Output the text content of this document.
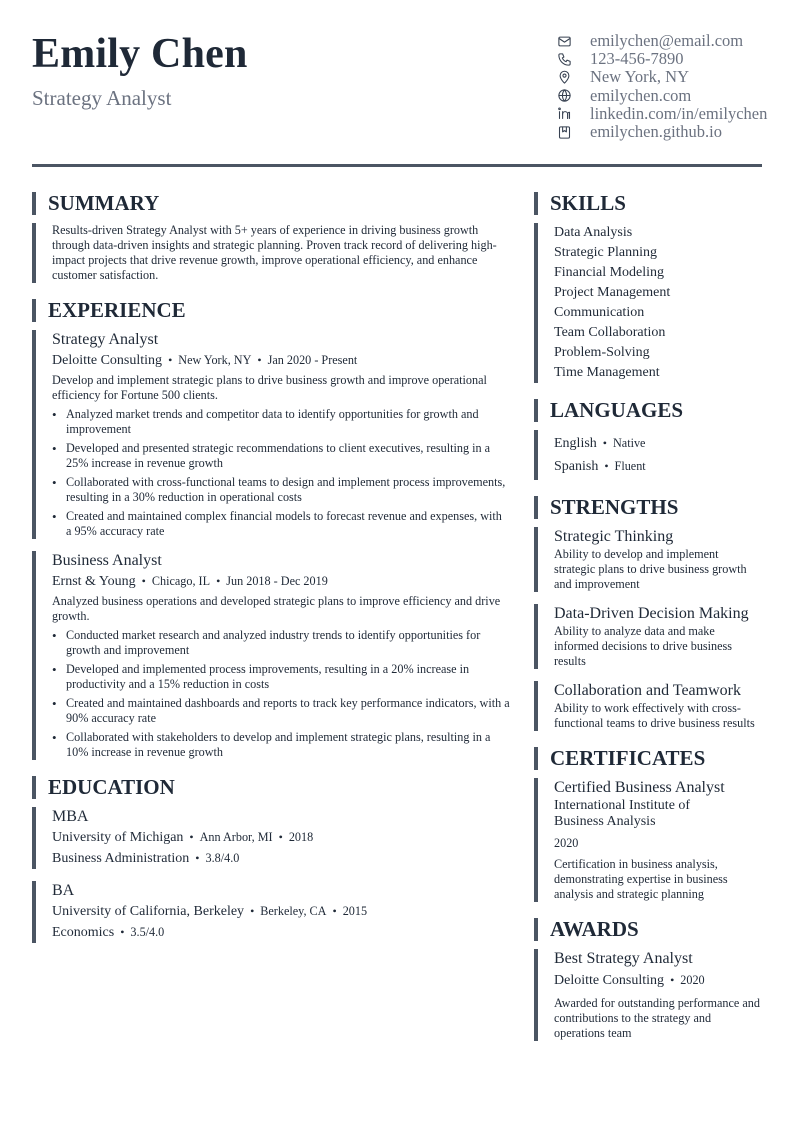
Emily Chen
Strategy Analyst
emilychen@email.com
123-456-7890
New York, NY
emilychen.com
linkedin.com/in/emilychen
emilychen.github.io
SUMMARY
Results-driven Strategy Analyst with 5+ years of experience in driving business growth through data-driven insights and strategic planning. Proven track record of delivering high-impact projects that drive revenue growth, improve operational efficiency, and enhance customer satisfaction.
EXPERIENCE
Strategy Analyst
Deloitte Consulting • New York, NY • Jan 2020 - Present
Develop and implement strategic plans to drive business growth and improve operational efficiency for Fortune 500 clients.
• Analyzed market trends and competitor data to identify opportunities for growth and improvement
• Developed and presented strategic recommendations to client executives, resulting in a 25% increase in revenue growth
• Collaborated with cross-functional teams to design and implement process improvements, resulting in a 30% reduction in operational costs
• Created and maintained complex financial models to forecast revenue and expenses, with a 95% accuracy rate
Business Analyst
Ernst & Young • Chicago, IL • Jun 2018 - Dec 2019
Analyzed business operations and developed strategic plans to improve efficiency and drive growth.
• Conducted market research and analyzed industry trends to identify opportunities for growth and improvement
• Developed and implemented process improvements, resulting in a 20% increase in productivity and a 15% reduction in costs
• Created and maintained dashboards and reports to track key performance indicators, with a 90% accuracy rate
• Collaborated with stakeholders to develop and implement strategic plans, resulting in a 10% increase in revenue growth
EDUCATION
MBA
University of Michigan • Ann Arbor, MI • 2018
Business Administration • 3.8/4.0
BA
University of California, Berkeley • Berkeley, CA • 2015
Economics • 3.5/4.0
SKILLS
Data Analysis
Strategic Planning
Financial Modeling
Project Management
Communication
Team Collaboration
Problem-Solving
Time Management
LANGUAGES
English • Native
Spanish • Fluent
STRENGTHS
Strategic Thinking
Ability to develop and implement strategic plans to drive business growth and improvement
Data-Driven Decision Making
Ability to analyze data and make informed decisions to drive business results
Collaboration and Teamwork
Ability to work effectively with cross-functional teams to drive business results
CERTIFICATES
Certified Business Analyst
International Institute of Business Analysis
2020
Certification in business analysis, demonstrating expertise in business analysis and strategic planning
AWARDS
Best Strategy Analyst
Deloitte Consulting • 2020
Awarded for outstanding performance and contributions to the strategy and operations team
